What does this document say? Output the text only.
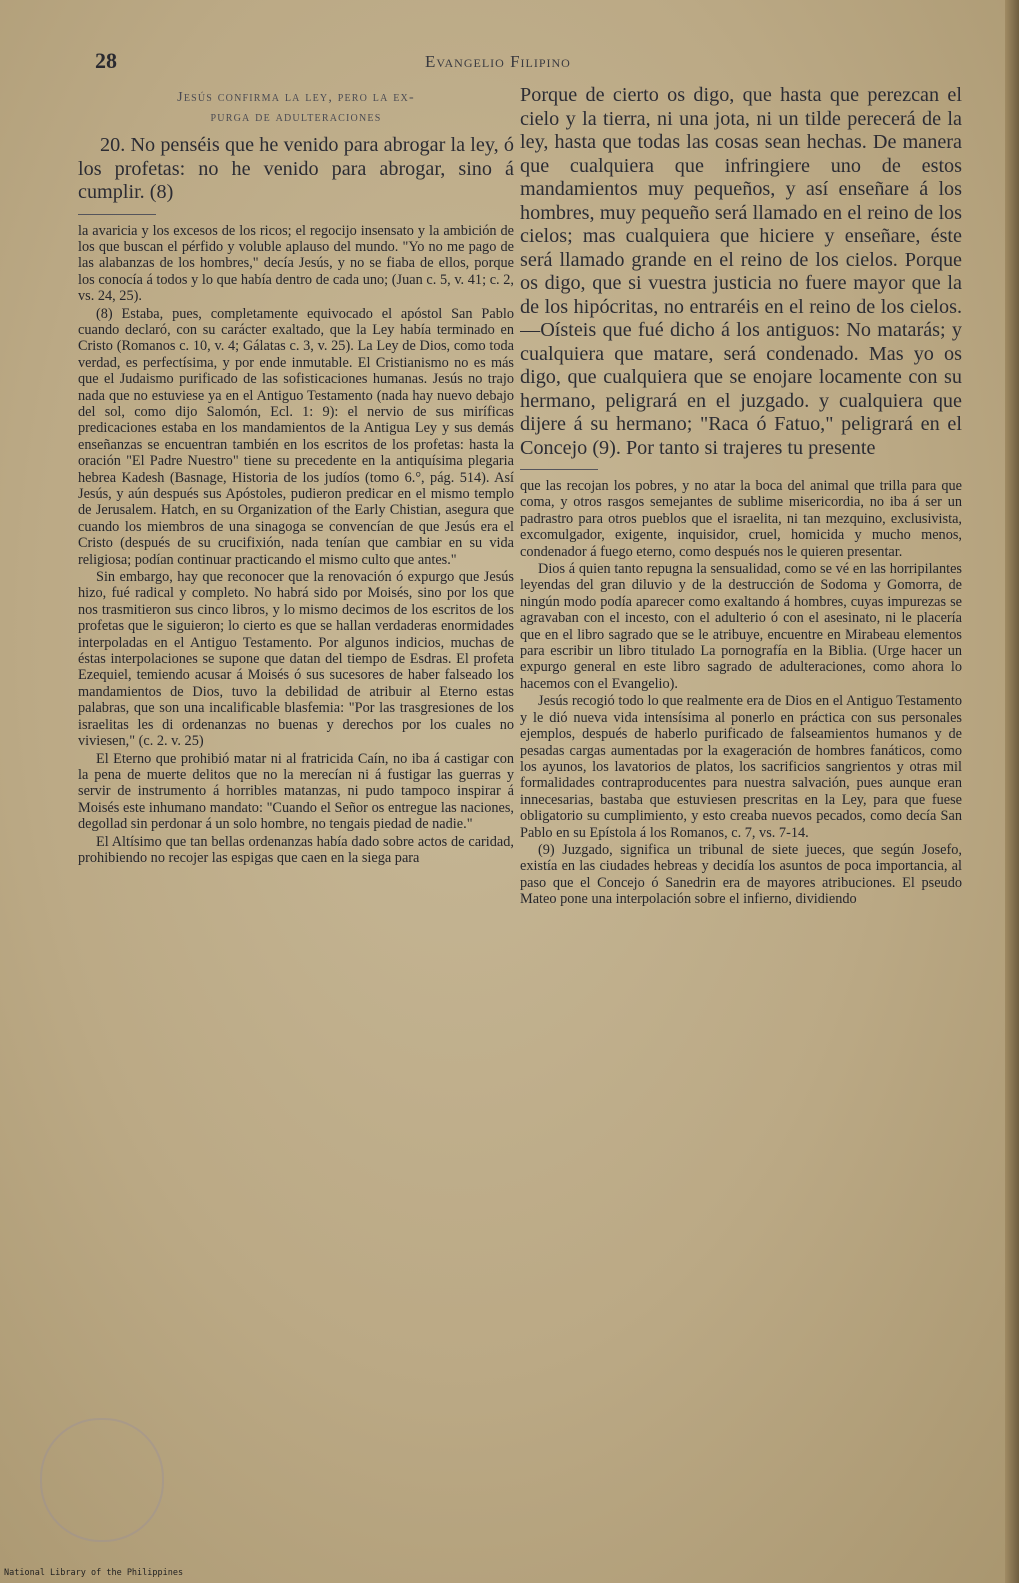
28	Evangelio Filipino

Jesús confirma la ley, pero la ex-
purga de adulteraciones

20. No penséis que he venido para abrogar la ley, ó los profetas: no he venido para abrogar, sino á cumplir. (8)

la avaricia y los excesos de los ricos; el regocijo insensato y la ambición de los que buscan el pérfido y voluble aplauso del mundo. "Yo no me pago de las alabanzas de los hombres," decía Jesús, y no se fiaba de ellos, porque los conocía á todos y lo que había dentro de cada uno; (Juan c. 5, v. 41; c. 2, vs. 24, 25).

(8) Estaba, pues, completamente equivocado el apóstol San Pablo cuando declaró, con su carácter exaltado, que la Ley había terminado en Cristo (Romanos c. 10, v. 4; Gálatas c. 3, v. 25). La Ley de Dios, como toda verdad, es perfectísima, y por ende inmutable. El Cristianismo no es más que el Judaismo purificado de las sofisticaciones humanas. Jesús no trajo nada que no estuviese ya en el Antiguo Testamento (nada hay nuevo debajo del sol, como dijo Salomón, Ecl. 1: 9): el nervio de sus miríficas predicaciones estaba en los mandamientos de la Antigua Ley y sus demás enseñanzas se encuentran también en los escritos de los profetas: hasta la oración "El Padre Nuestro" tiene su precedente en la antiquísima plegaria hebrea Kadesh (Basnage, Historia de los judíos (tomo 6.°, pág. 514). Así Jesús, y aún después sus Apóstoles, pudieron predicar en el mismo templo de Jerusalem. Hatch, en su Organization of the Early Chistian, asegura que cuando los miembros de una sinagoga se convencían de que Jesús era el Cristo (después de su crucifixión, nada tenían que cambiar en su vida religiosa; podían continuar practicando el mismo culto que antes."

Sin embargo, hay que reconocer que la renovación ó expurgo que Jesús hizo, fué radical y completo. No habrá sido por Moisés, sino por los que nos trasmitieron sus cinco libros, y lo mismo decimos de los escritos de los profetas que le siguieron; lo cierto es que se hallan verdaderas enormidades interpoladas en el Antiguo Testamento. Por algunos indicios, muchas de éstas interpolaciones se supone que datan del tiempo de Esdras. El profeta Ezequiel, temiendo acusar á Moisés ó sus sucesores de haber falseado los mandamientos de Dios, tuvo la debilidad de atribuir al Eterno estas palabras, que son una incalificable blasfemia: "Por las trasgresiones de los israelitas les di ordenanzas no buenas y derechos por los cuales no viviesen," (c. 2. v. 25)

El Eterno que prohibió matar ni al fratricida Caín, no iba á castigar con la pena de muerte delitos que no la merecían ni á fustigar las guerras y servir de instrumento á horribles matanzas, ni pudo tampoco inspirar á Moisés este inhumano mandato: "Cuando el Señor os entregue las naciones, degollad sin perdonar á un solo hombre, no tengais piedad de nadie."

El Altísimo que tan bellas ordenanzas había dado sobre actos de caridad, prohibiendo no recojer las espigas que caen en la siega para

Porque de cierto os digo, que hasta que perezcan el cielo y la tierra, ni una jota, ni un tilde perecerá de la ley, hasta que todas las cosas sean hechas. De manera que cualquiera que infringiere uno de estos mandamientos muy pequeños, y así enseñare á los hombres, muy pequeño será llamado en el reino de los cielos; mas cualquiera que hiciere y enseñare, éste será llamado grande en el reino de los cielos. Porque os digo, que si vuestra justicia no fuere mayor que la de los hipócritas, no entraréis en el reino de los cielos. —Oísteis que fué dicho á los antiguos: No matarás; y cualquiera que matare, será condenado. Mas yo os digo, que cualquiera que se enojare locamente con su hermano, peligrará en el juzgado. y cualquiera que dijere á su hermano; "Raca ó Fatuo," peligrará en el Concejo (9). Por tanto si trajeres tu presente

que las recojan los pobres, y no atar la boca del animal que trilla para que coma, y otros rasgos semejantes de sublime misericordia, no iba á ser un padrastro para otros pueblos que el israelita, ni tan mezquino, exclusivista, excomulgador, exigente, inquisidor, cruel, homicida y mucho menos, condenador á fuego eterno, como después nos le quieren presentar.

Dios á quien tanto repugna la sensualidad, como se vé en las horripilantes leyendas del gran diluvio y de la destrucción de Sodoma y Gomorra, de ningún modo podía aparecer como exaltando á hombres, cuyas impurezas se agravaban con el incesto, con el adulterio ó con el asesinato, ni le placería que en el libro sagrado que se le atribuye, encuentre en Mirabeau elementos para escribir un libro titulado La pornografía en la Biblia. (Urge hacer un expurgo general en este libro sagrado de adulteraciones, como ahora lo hacemos con el Evangelio).

Jesús recogió todo lo que realmente era de Dios en el Antiguo Testamento y le dió nueva vida intensísima al ponerlo en práctica con sus personales ejemplos, después de haberlo purificado de falseamientos humanos y de pesadas cargas aumentadas por la exageración de hombres fanáticos, como los ayunos, los lavatorios de platos, los sacrificios sangrientos y otras mil formalidades contraproducentes para nuestra salvación, pues aunque eran innecesarias, bastaba que estuviesen prescritas en la Ley, para que fuese obligatorio su cumplimiento, y esto creaba nuevos pecados, como decía San Pablo en su Epístola á los Romanos, c. 7, vs. 7-14.

(9) Juzgado, significa un tribunal de siete jueces, que según Josefo, existía en las ciudades hebreas y decidía los asuntos de poca importancia, al paso que el Concejo ó Sanedrin era de mayores atribuciones. El pseudo Mateo pone una interpolación sobre el infierno, dividiendo

National Library of the Philippines
